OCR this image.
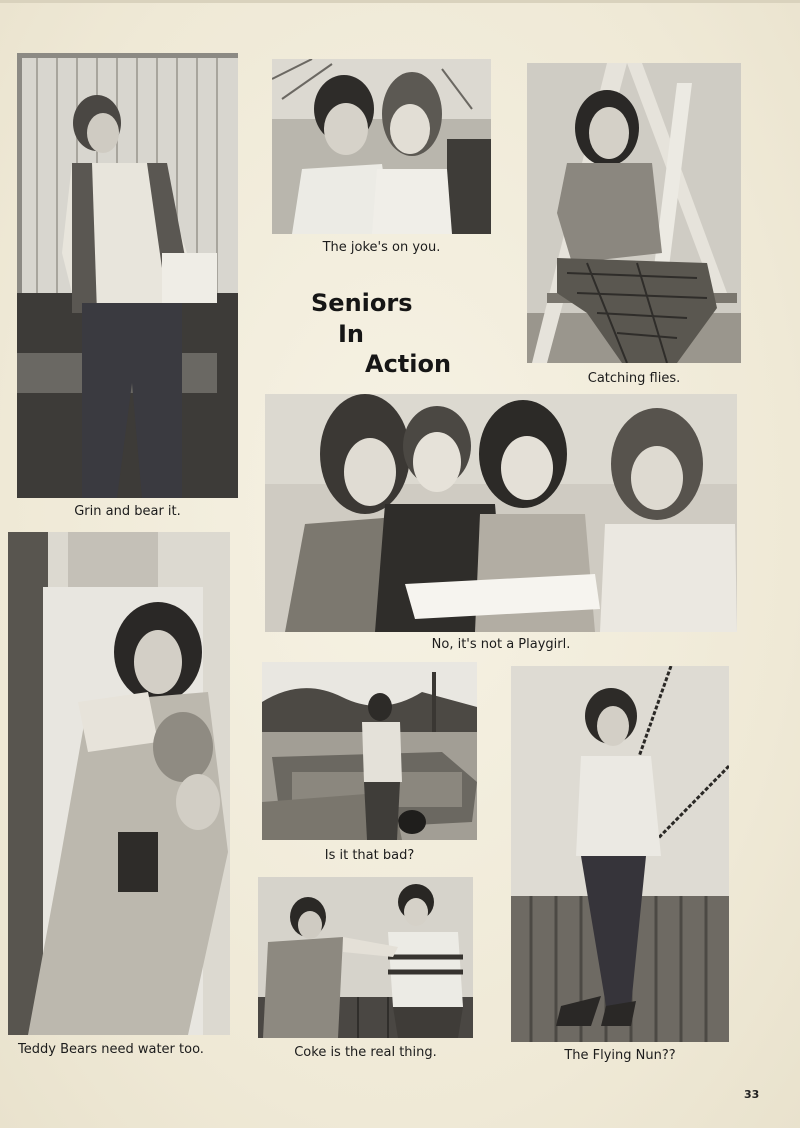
Grin and bear it.
The joke's on you.
Catching flies.
Seniors
In
Action
No, it's not a Playgirl.
Teddy Bears need water too.
Is it that bad?
Coke is the real thing.	The Flying Nun??
33
